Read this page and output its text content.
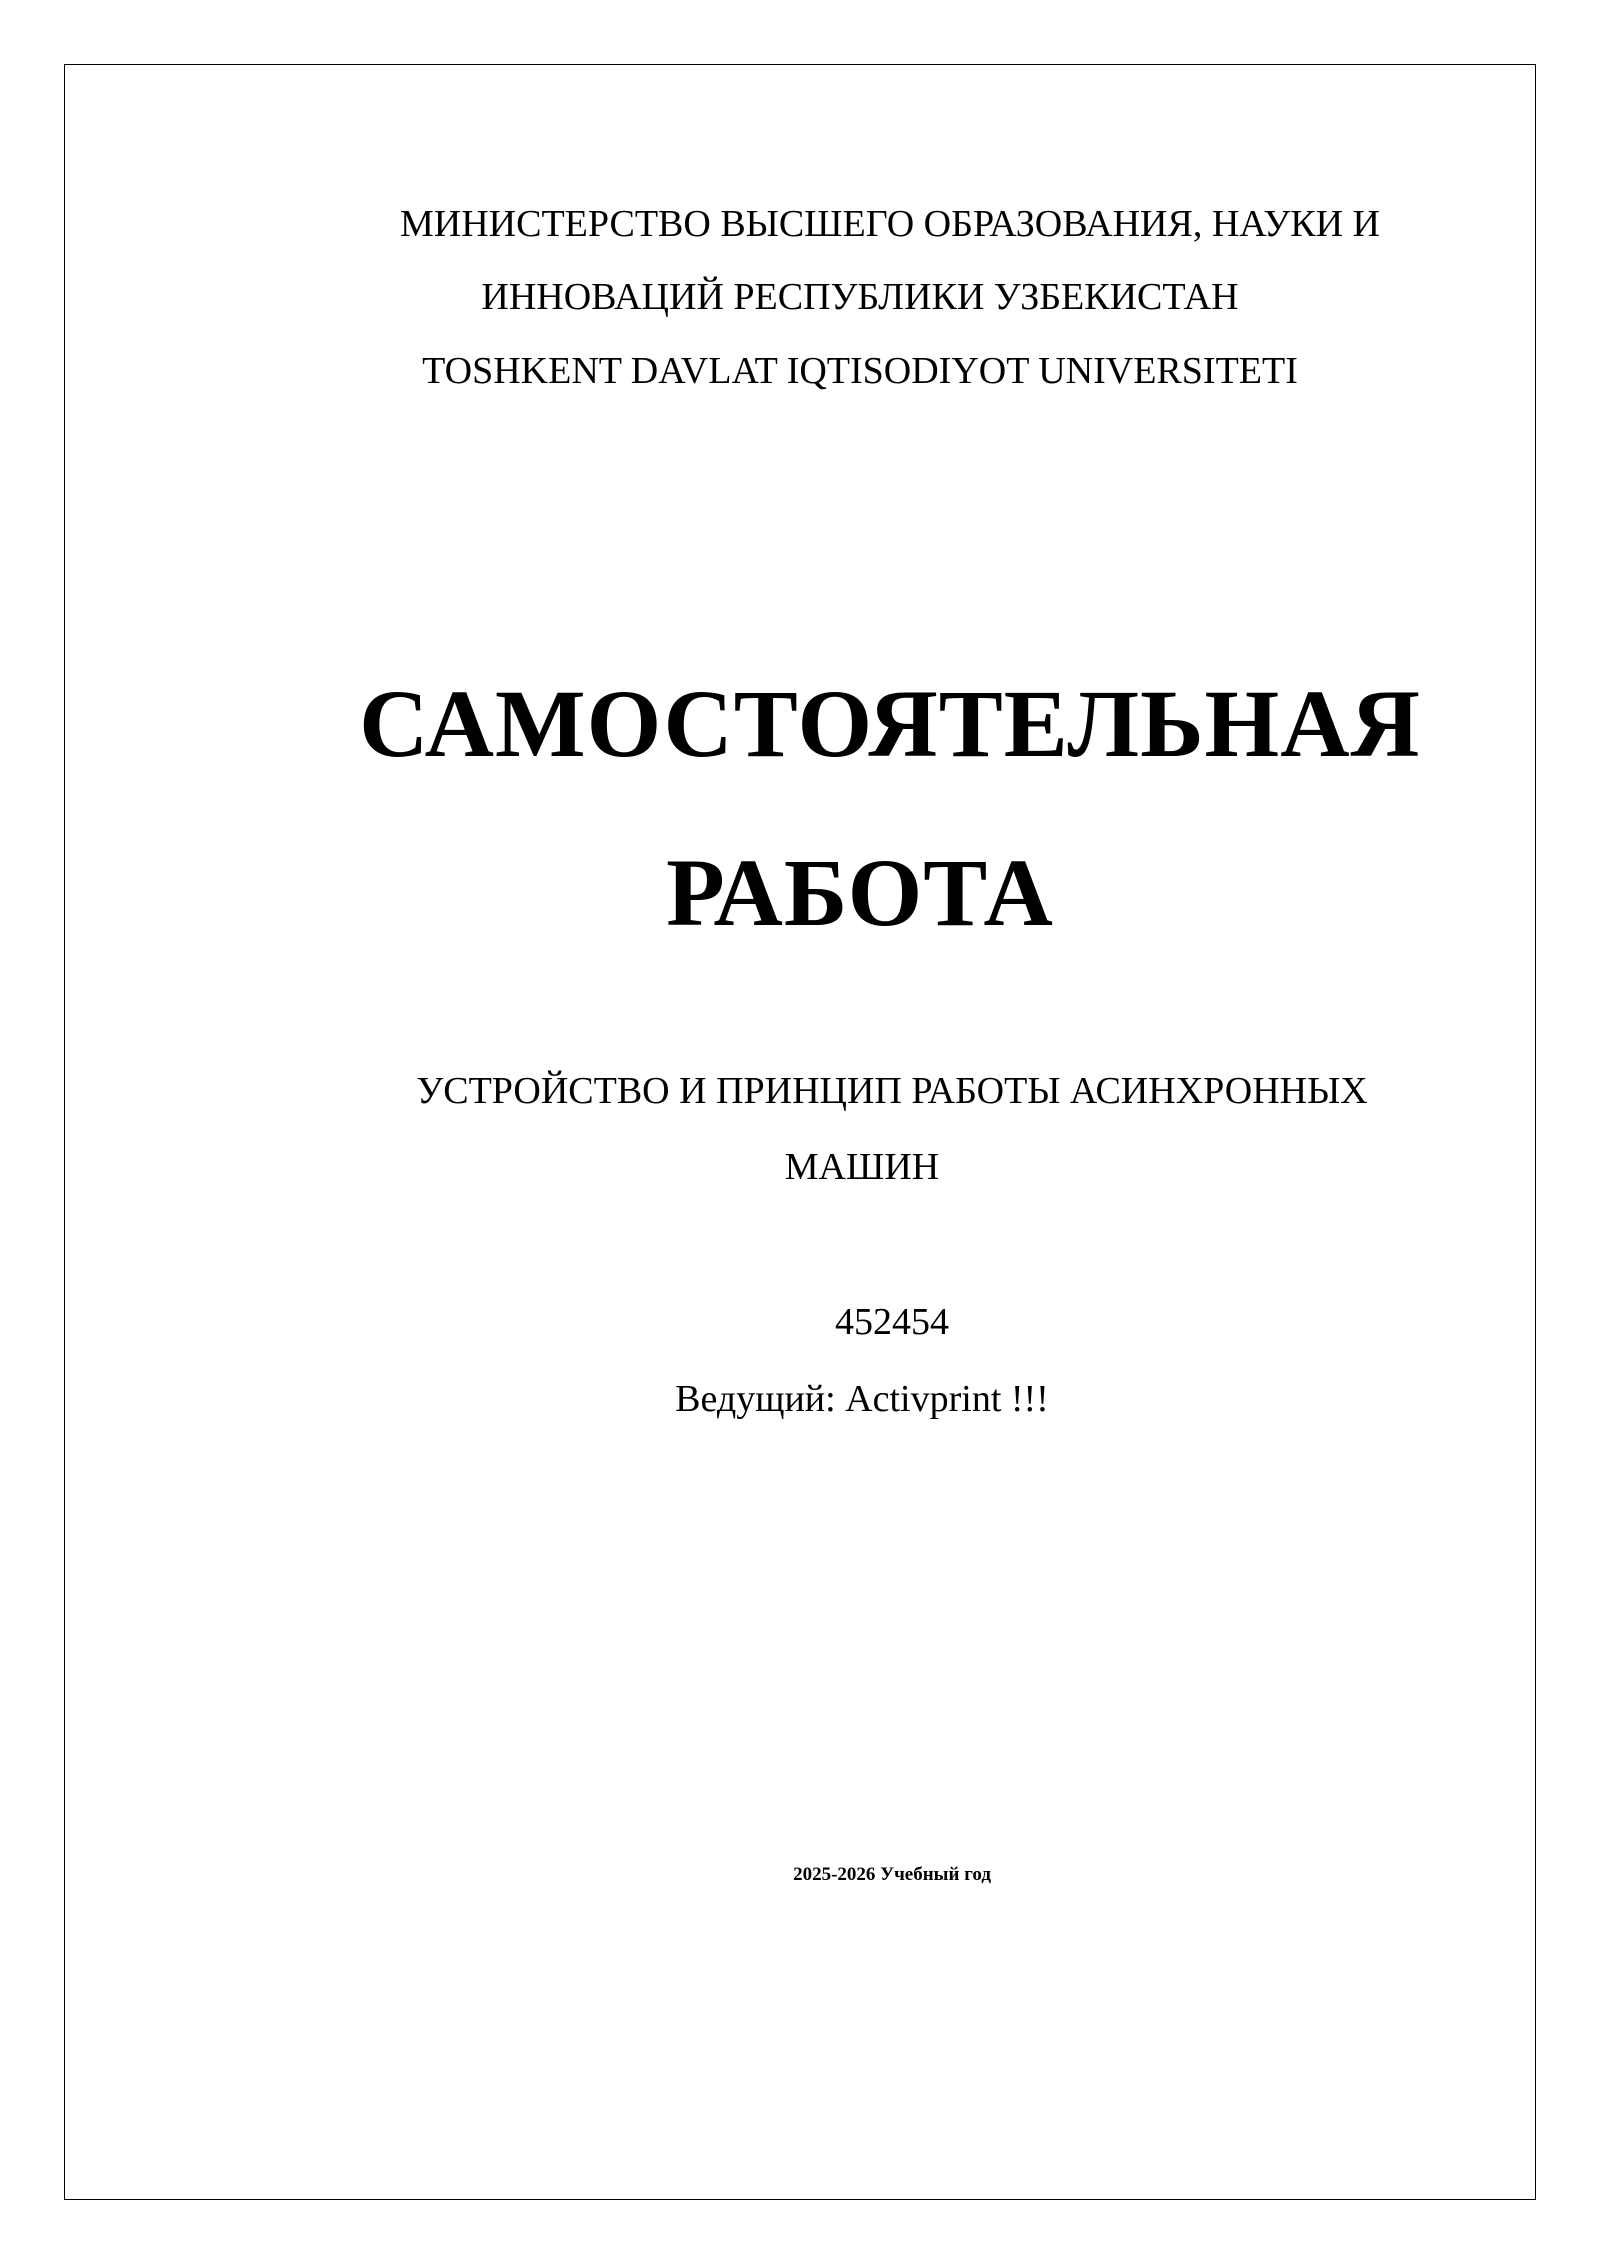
МИНИСТЕРСТВО ВЫСШЕГО ОБРАЗОВАНИЯ, НАУКИ И
ИННОВАЦИЙ РЕСПУБЛИКИ УЗБЕКИСТАН
TOSHKENT DAVLAT IQTISODIYOT UNIVERSITETI
САМОСТОЯТЕЛЬНАЯ
РАБОТА
УСТРОЙСТВО И ПРИНЦИП РАБОТЫ АСИНХРОННЫХ
МАШИН
452454
Ведущий: Activprint !!!
2025-2026 Учебный год
